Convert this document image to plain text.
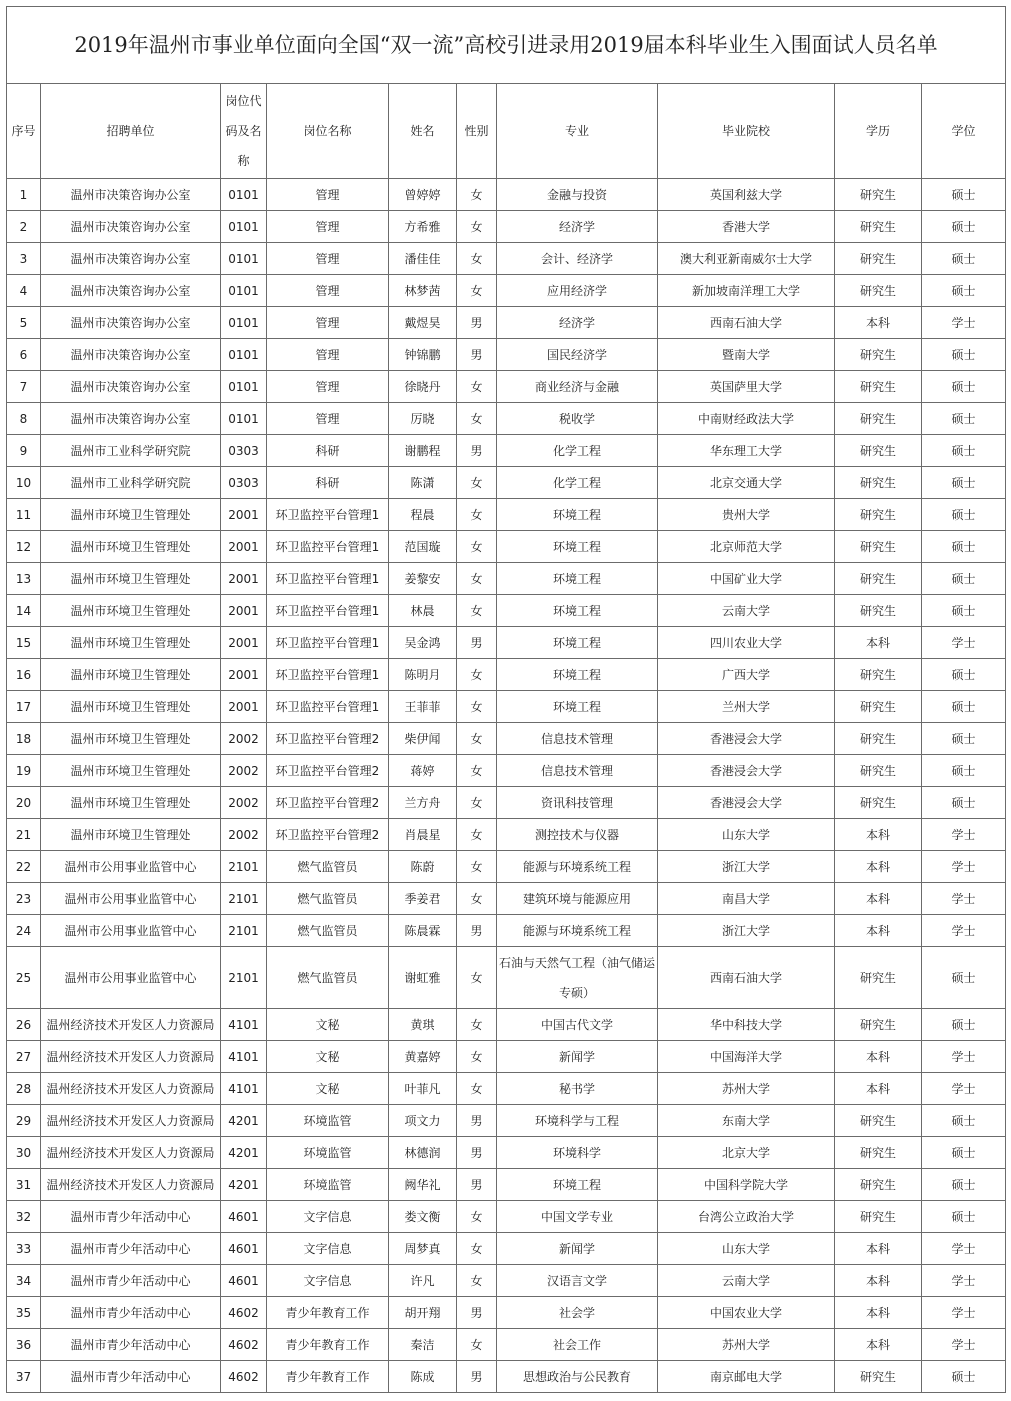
2019年温州市事业单位面向全国“双一流”高校引进录用2019届本科毕业生入围面试人员名单									
序号	招聘单位	岗位代码及名称	岗位名称	姓名	性别	专业	毕业院校	学历	学位
1	温州市决策咨询办公室	0101	管理	曾婷婷	女	金融与投资	英国利兹大学	研究生	硕士
2	温州市决策咨询办公室	0101	管理	方希雅	女	经济学	香港大学	研究生	硕士
3	温州市决策咨询办公室	0101	管理	潘佳佳	女	会计、经济学	澳大利亚新南威尔士大学	研究生	硕士
4	温州市决策咨询办公室	0101	管理	林梦茜	女	应用经济学	新加坡南洋理工大学	研究生	硕士
5	温州市决策咨询办公室	0101	管理	戴煜昊	男	经济学	西南石油大学	本科	学士
6	温州市决策咨询办公室	0101	管理	钟锦鹏	男	国民经济学	暨南大学	研究生	硕士
7	温州市决策咨询办公室	0101	管理	徐晓丹	女	商业经济与金融	英国萨里大学	研究生	硕士
8	温州市决策咨询办公室	0101	管理	厉晓	女	税收学	中南财经政法大学	研究生	硕士
9	温州市工业科学研究院	0303	科研	谢鹏程	男	化学工程	华东理工大学	研究生	硕士
10	温州市工业科学研究院	0303	科研	陈潇	女	化学工程	北京交通大学	研究生	硕士
11	温州市环境卫生管理处	2001	环卫监控平台管理1	程晨	女	环境工程	贵州大学	研究生	硕士
12	温州市环境卫生管理处	2001	环卫监控平台管理1	范国璇	女	环境工程	北京师范大学	研究生	硕士
13	温州市环境卫生管理处	2001	环卫监控平台管理1	姜黎安	女	环境工程	中国矿业大学	研究生	硕士
14	温州市环境卫生管理处	2001	环卫监控平台管理1	林晨	女	环境工程	云南大学	研究生	硕士
15	温州市环境卫生管理处	2001	环卫监控平台管理1	吴金鸿	男	环境工程	四川农业大学	本科	学士
16	温州市环境卫生管理处	2001	环卫监控平台管理1	陈明月	女	环境工程	广西大学	研究生	硕士
17	温州市环境卫生管理处	2001	环卫监控平台管理1	王菲菲	女	环境工程	兰州大学	研究生	硕士
18	温州市环境卫生管理处	2002	环卫监控平台管理2	柴伊闻	女	信息技术管理	香港浸会大学	研究生	硕士
19	温州市环境卫生管理处	2002	环卫监控平台管理2	蒋婷	女	信息技术管理	香港浸会大学	研究生	硕士
20	温州市环境卫生管理处	2002	环卫监控平台管理2	兰方舟	女	资讯科技管理	香港浸会大学	研究生	硕士
21	温州市环境卫生管理处	2002	环卫监控平台管理2	肖晨星	女	测控技术与仪器	山东大学	本科	学士
22	温州市公用事业监管中心	2101	燃气监管员	陈蔚	女	能源与环境系统工程	浙江大学	本科	学士
23	温州市公用事业监管中心	2101	燃气监管员	季姜君	女	建筑环境与能源应用	南昌大学	本科	学士
24	温州市公用事业监管中心	2101	燃气监管员	陈晨霖	男	能源与环境系统工程	浙江大学	本科	学士
25	温州市公用事业监管中心	2101	燃气监管员	谢虹雅	女	石油与天然气工程（油气储运专硕）	西南石油大学	研究生	硕士
26	温州经济技术开发区人力资源局	4101	文秘	黄琪	女	中国古代文学	华中科技大学	研究生	硕士
27	温州经济技术开发区人力资源局	4101	文秘	黄嘉婷	女	新闻学	中国海洋大学	本科	学士
28	温州经济技术开发区人力资源局	4101	文秘	叶菲凡	女	秘书学	苏州大学	本科	学士
29	温州经济技术开发区人力资源局	4201	环境监管	项文力	男	环境科学与工程	东南大学	研究生	硕士
30	温州经济技术开发区人力资源局	4201	环境监管	林德润	男	环境科学	北京大学	研究生	硕士
31	温州经济技术开发区人力资源局	4201	环境监管	阙华礼	男	环境工程	中国科学院大学	研究生	硕士
32	温州市青少年活动中心	4601	文字信息	娄文衡	女	中国文学专业	台湾公立政治大学	研究生	硕士
33	温州市青少年活动中心	4601	文字信息	周梦真	女	新闻学	山东大学	本科	学士
34	温州市青少年活动中心	4601	文字信息	许凡	女	汉语言文学	云南大学	本科	学士
35	温州市青少年活动中心	4602	青少年教育工作	胡开翔	男	社会学	中国农业大学	本科	学士
36	温州市青少年活动中心	4602	青少年教育工作	秦洁	女	社会工作	苏州大学	本科	学士
37	温州市青少年活动中心	4602	青少年教育工作	陈成	男	思想政治与公民教育	南京邮电大学	研究生	硕士
